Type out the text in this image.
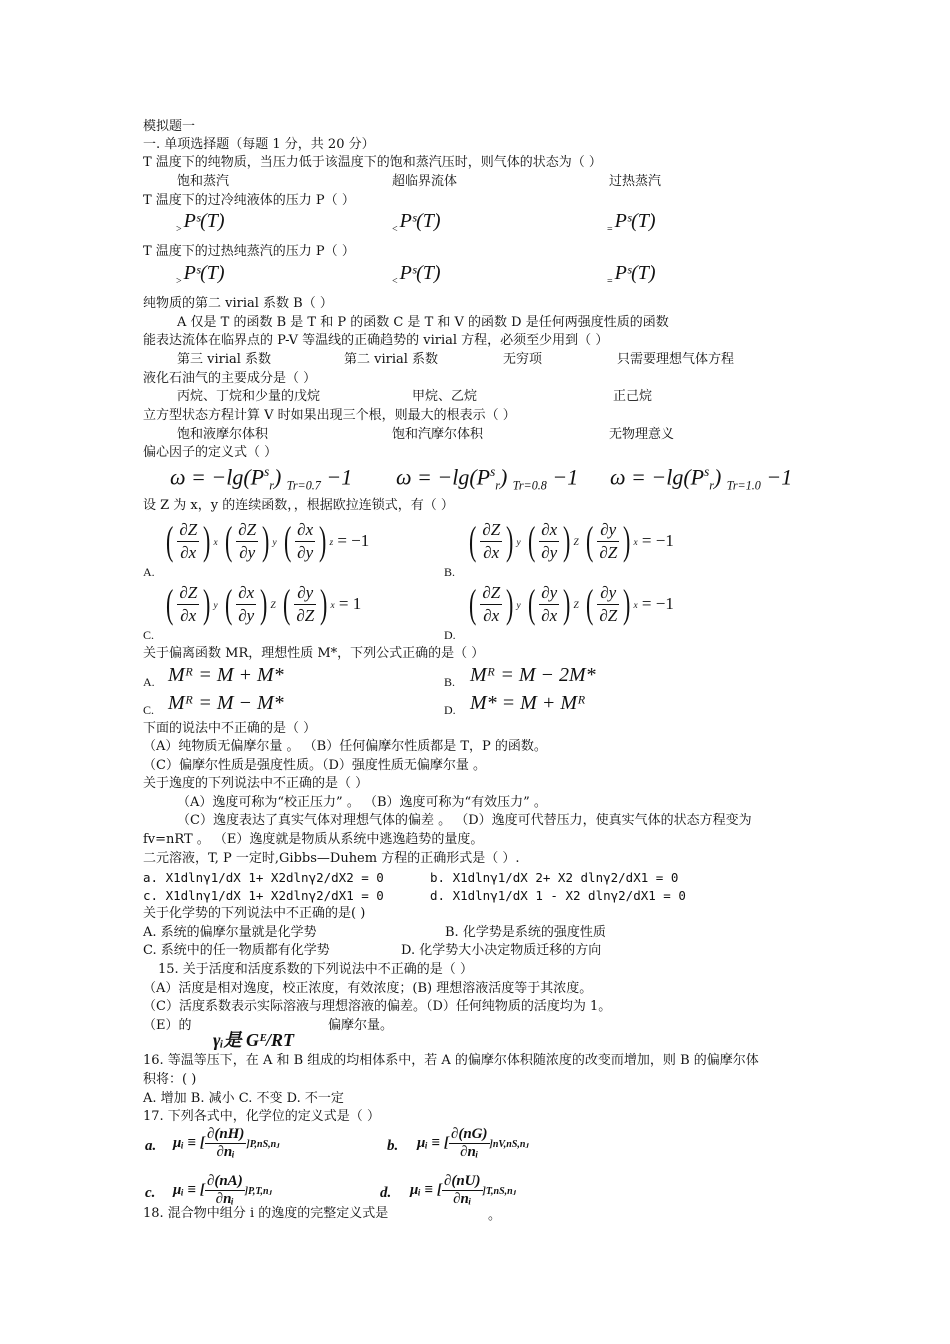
模拟题一
一. 单项选择题（每题 1 分，共 20 分）
T 温度下的纯物质，当压力低于该温度下的饱和蒸汽压时，则气体的状态为（ ）
饱和蒸汽	超临界流体	过热蒸汽
T 温度下的过冷纯液体的压力 P（ ）
$_>$ Pˢ(T)	$_<$ Pˢ(T)	$_=$ Pˢ(T)
T 温度下的过热纯蒸汽的压力 P（ ）
$_>$ Pˢ(T)	$_<$ Pˢ(T)	$_=$ Pˢ(T)
纯物质的第二 virial 系数 B（ ）
A 仅是 T 的函数 B 是 T 和 P 的函数 C 是 T 和 V 的函数 D 是任何两强度性质的函数
能表达流体在临界点的 P-V 等温线的正确趋势的 virial 方程，必须至少用到（ ）
第三 virial 系数	第二 virial 系数	无穷项	只需要理想气体方程
液化石油气的主要成分是（ ）
丙烷、丁烷和少量的戊烷	甲烷、乙烷	正己烷
立方型状态方程计算 V 时如果出现三个根，则最大的根表示（ ）
饱和液摩尔体积	饱和汽摩尔体积	无物理意义
偏心因子的定义式（ ）
$\omega = -\lg(P^s_r)$ $_{Tr=0.7}$ −1 $\omega = -\lg(P^s_r)$ $_{Tr=0.8}$ −1 $\omega = -\lg(P^s_r)$ $_{Tr=1.0}$ −1
设 Z 为 x，y 的连续函数，，根据欧拉连锁式，有（ ）
A.
( $\frac{\partial Z}{\partial x}$ ) x ( $\frac{\partial Z}{\partial y}$ ) y ( $\frac{\partial x}{\partial y}$ ) z = −1
B.
( $\frac{\partial Z}{\partial x}$ ) y ( $\frac{\partial x}{\partial y}$ ) Z ( $\frac{\partial y}{\partial Z}$ ) x = −1
C.
( $\frac{\partial Z}{\partial x}$ ) y ( $\frac{\partial x}{\partial y}$ ) Z ( $\frac{\partial y}{\partial Z}$ ) x = 1
D.
( $\frac{\partial Z}{\partial x}$ ) y ( $\frac{\partial y}{\partial x}$ ) Z ( $\frac{\partial y}{\partial Z}$ ) x = −1
关于偏离函数 MR，理想性质 M*，下列公式正确的是（ ）
A. Mᴿ = M + M*	B. Mᴿ = M − 2M*
C. Mᴿ = M − M*	D. M* = M + Mᴿ
下面的说法中不正确的是（ ）
（A）纯物质无偏摩尔量 。 （B）任何偏摩尔性质都是 T，P 的函数。
（C）偏摩尔性质是强度性质。（D）强度性质无偏摩尔量 。
关于逸度的下列说法中不正确的是（ ）
（A）逸度可称为“校正压力” 。 （B）逸度可称为“有效压力” 。
（C）逸度表达了真实气体对理想气体的偏差 。 （D）逸度可代替压力，使真实气体的状态方程变为
fv=nRT 。 （E）逸度就是物质从系统中逃逸趋势的量度。
二元溶液，T, P 一定时,Gibbs—Duhem 方程的正确形式是（ ）.
a. X1dlnγ1/dX 1+ X2dlnγ2/dX2 = 0	b. X1dlnγ1/dX 2+ X2 dlnγ2/dX1 = 0
c. X1dlnγ1/dX 1+ X2dlnγ2/dX1 = 0	d. X1dlnγ1/dX 1 - X2 dlnγ2/dX1 = 0
关于化学势的下列说法中不正确的是( )
A. 系统的偏摩尔量就是化学势	B. 化学势是系统的强度性质
C. 系统中的任一物质都有化学势	D. 化学势大小决定物质迁移的方向
15. 关于活度和活度系数的下列说法中不正确的是（ ）
（A）活度是相对逸度，校正浓度，有效浓度；(B) 理想溶液活度等于其浓度。
（C）活度系数表示实际溶液与理想溶液的偏差。（D）任何纯物质的活度均为 1。
（E）的
γᵢ是 Gᴱ/RT
偏摩尔量。
16. 等温等压下，在 A 和 B 组成的均相体系中，若 A 的偏摩尔体积随浓度的改变而增加，则 B 的偏摩尔体
积将：( )
A. 增加 B. 减小 C. 不变 D. 不一定
17. 下列各式中，化学位的定义式是（ ）
a. μᵢ ≡ [ $\frac{\partial(nH)}{\text{∂nᵢ}}$ ]P,nS,nⱼ	b. μᵢ ≡ [ $\frac{\partial(nG)}{\text{∂nᵢ}}$ ]nV,nS,nⱼ
c. μᵢ ≡ [ $\frac{\partial(nA)}{\text{∂nᵢ}}$ ]P,T,nⱼ	d. μᵢ ≡ [ $\frac{\partial(nU)}{\text{∂nᵢ}}$ ]T,nS,nⱼ
18. 混合物中组分 i 的逸度的完整定义式是	。
